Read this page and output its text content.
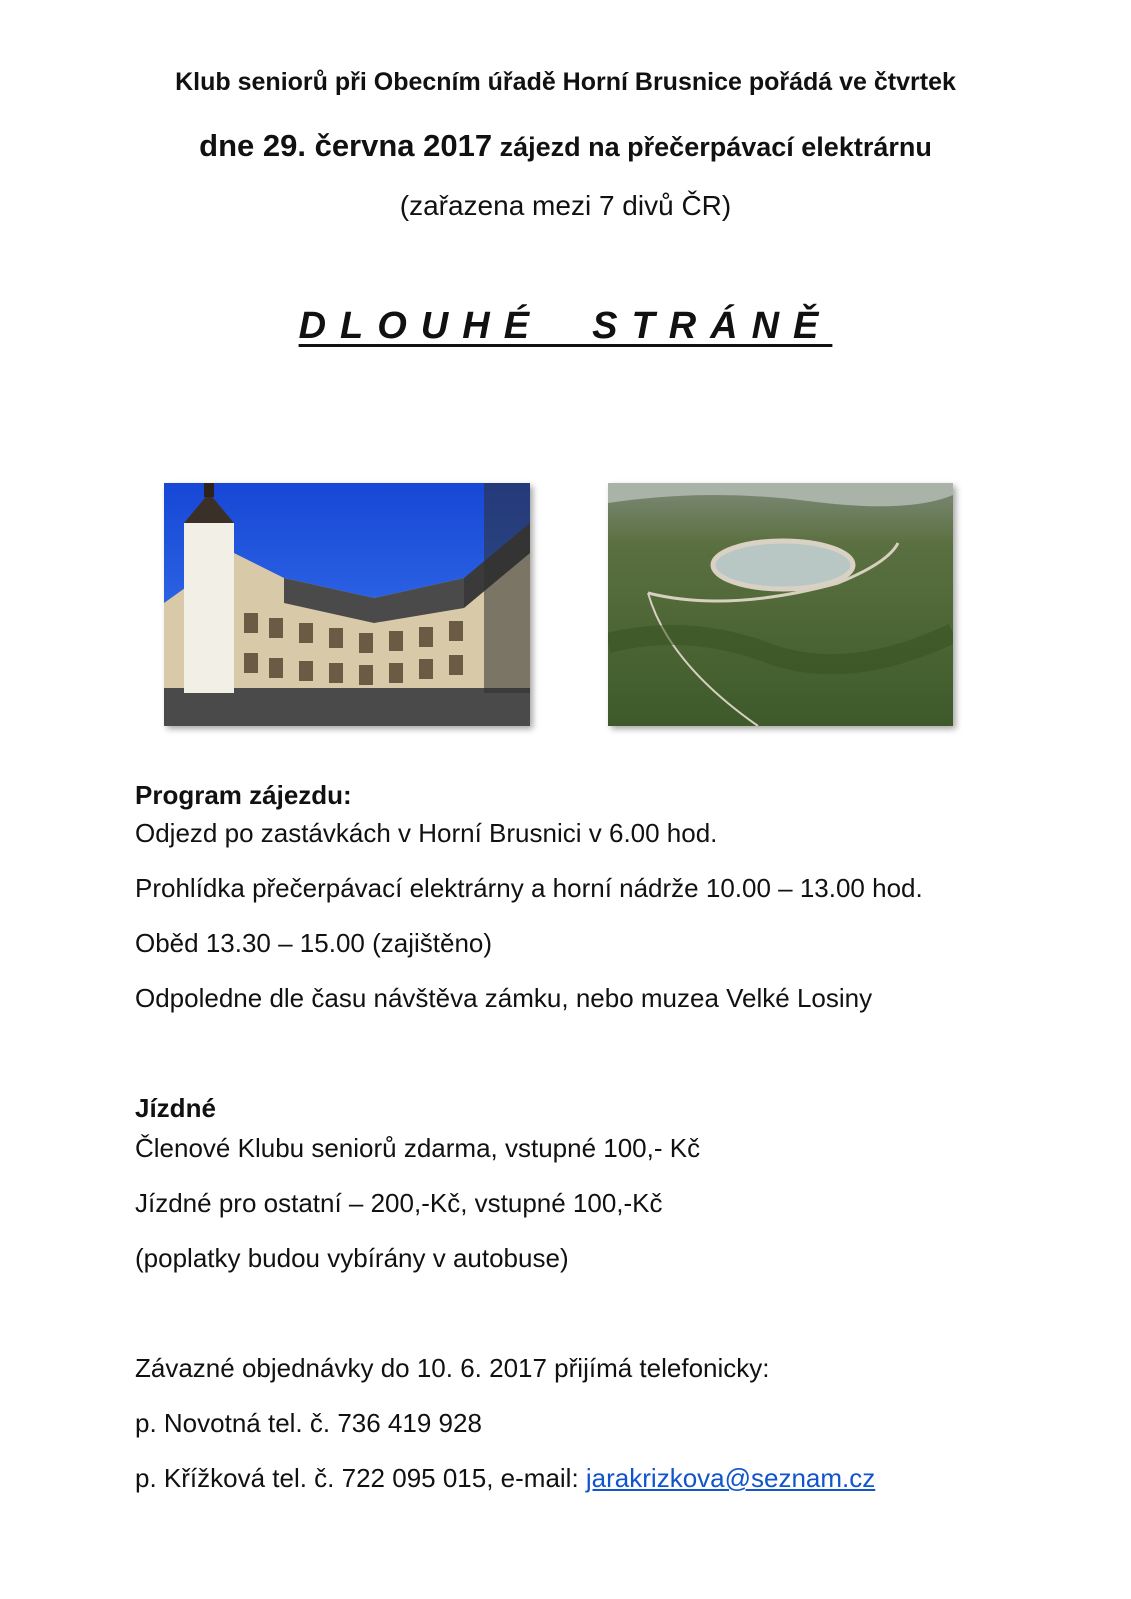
Klub seniorů při Obecním úřadě Horní Brusnice pořádá ve čtvrtek
dne 29. června 2017 zájezd na přečerpávací elektrárnu
(zařazena mezi 7 divů ČR)
DLOUHÉ  STRÁNĚ
Program zájezdu:
Odjezd po zastávkách v Horní Brusnici v 6.00 hod.
Prohlídka přečerpávací elektrárny a horní nádrže 10.00 – 13.00 hod.
Oběd 13.30 – 15.00 (zajištěno)
Odpoledne dle času návštěva zámku, nebo muzea Velké Losiny
Jízdné
Členové Klubu seniorů zdarma, vstupné 100,- Kč
Jízdné pro ostatní – 200,-Kč, vstupné 100,-Kč
(poplatky budou vybírány v autobuse)
Závazné objednávky do 10. 6. 2017 přijímá telefonicky:
p. Novotná tel. č. 736 419 928
p. Křížková tel. č. 722 095 015, e-mail: jarakrizkova@seznam.cz
